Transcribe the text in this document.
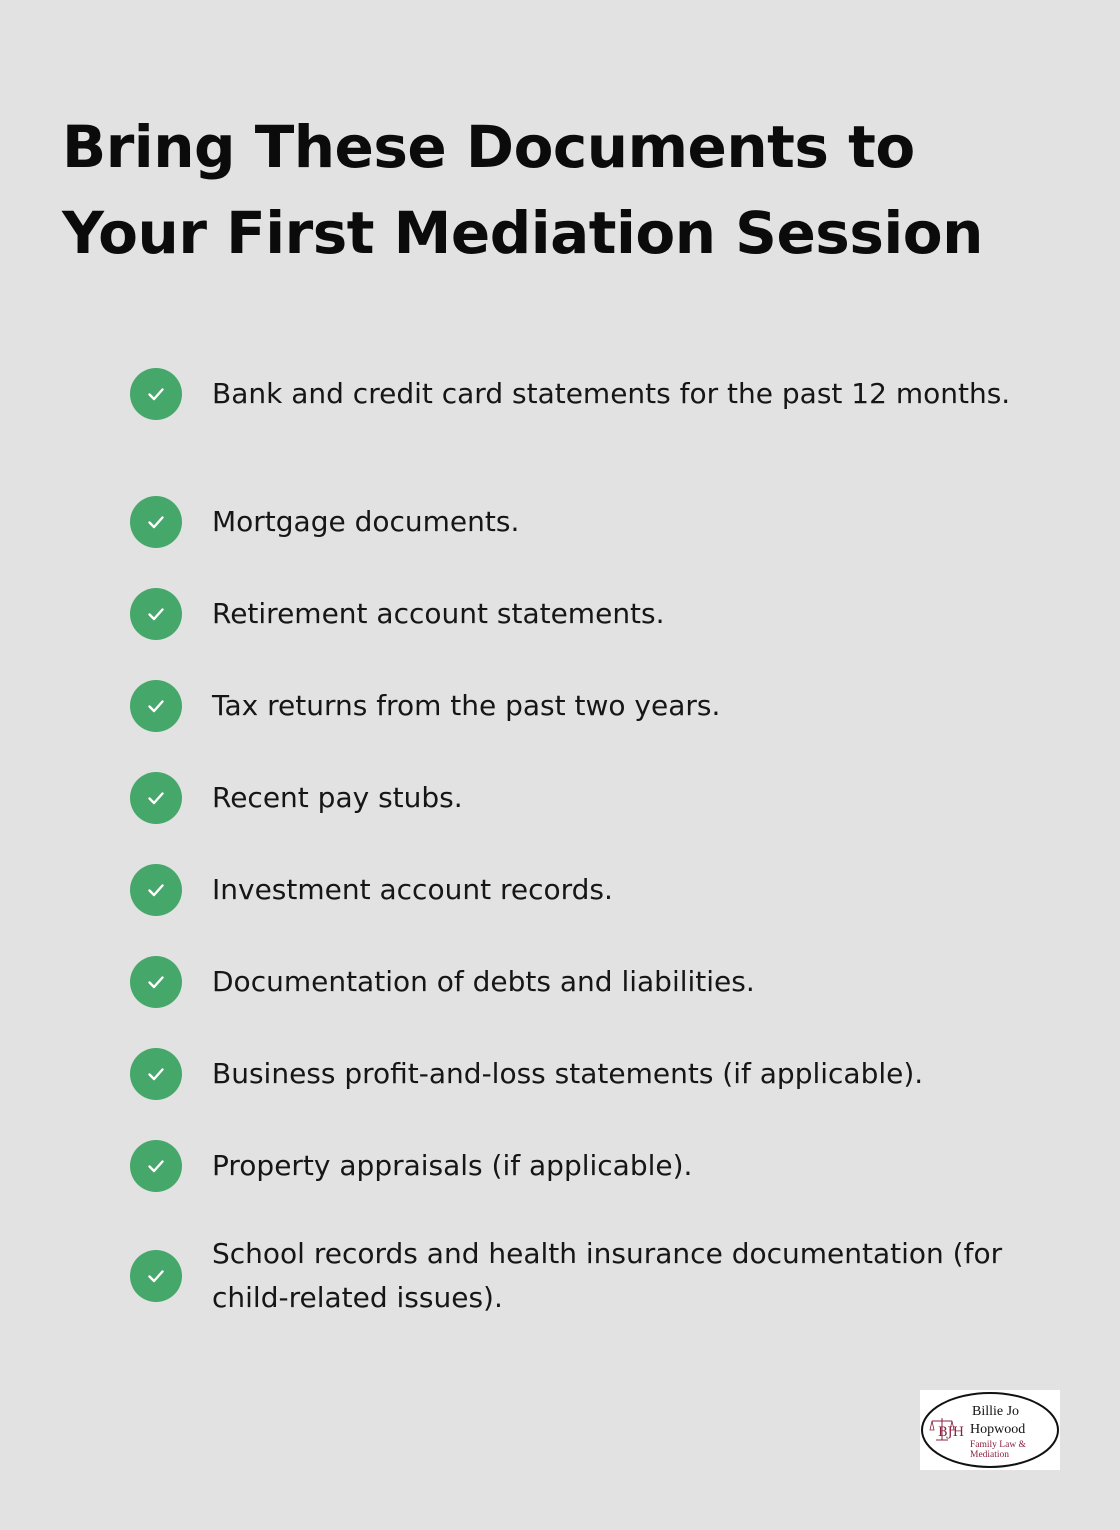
Bring These Documents to Your First Mediation Session
Bank and credit card statements for the past 12 months.
Mortgage documents.
Retirement account statements.
Tax returns from the past two years.
Recent pay stubs.
Investment account records.
Documentation of debts and liabilities.
Business profit-and-loss statements (if applicable).
Property appraisals (if applicable).
School records and health insurance documentation (for child-related issues).
BJH
Billie Jo
Hopwood
Family Law &
Mediation
